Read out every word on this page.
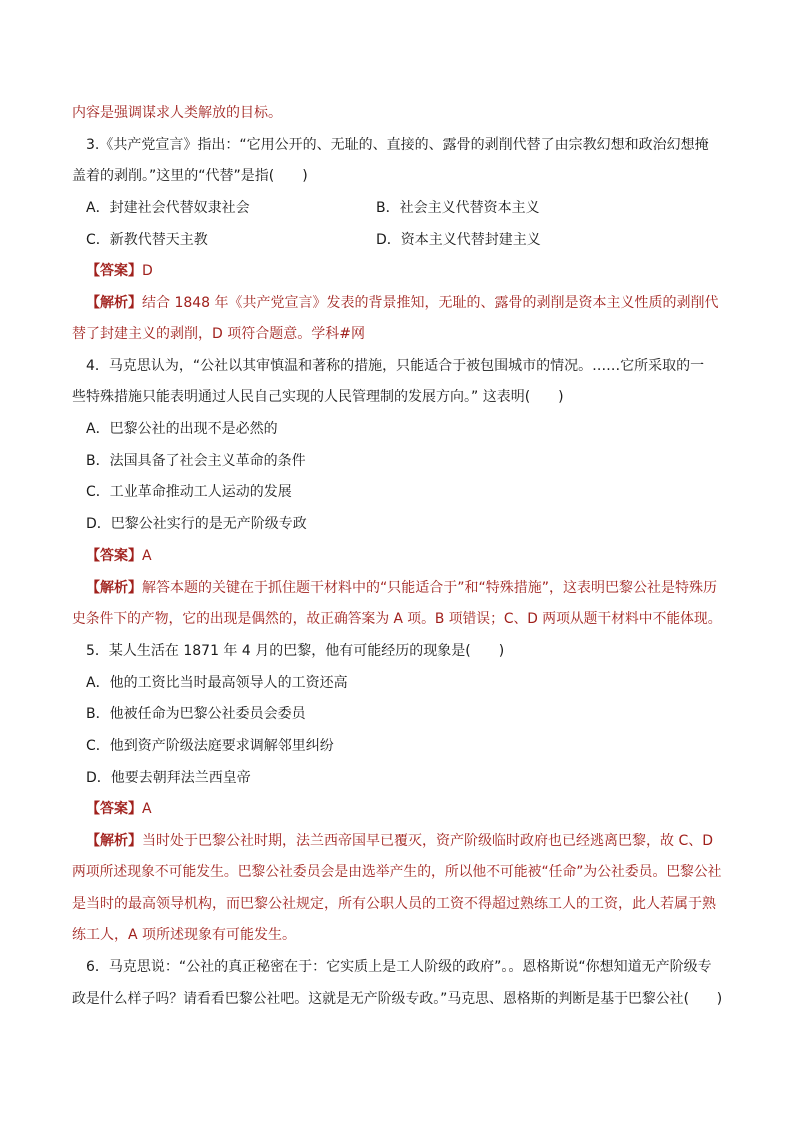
内容是强调谋求人类解放的目标。
3.《共产党宣言》指出：“它用公开的、无耻的、直接的、露骨的剥削代替了由宗教幻想和政治幻想掩
盖着的剥削。”这里的“代替”是指(　　)
A．封建社会代替奴隶社会	B．社会主义代替资本主义
C．新教代替天主教	D．资本主义代替封建主义
【答案】D
【解析】结合 1848 年《共产党宣言》发表的背景推知，无耻的、露骨的剥削是资本主义性质的剥削代
替了封建主义的剥削，D 项符合题意。学科#网
4．马克思认为，“公社以其审慎温和著称的措施，只能适合于被包围城市的情况。……它所采取的一
些特殊措施只能表明通过人民自己实现的人民管理制的发展方向。” 这表明(　　)
A．巴黎公社的出现不是必然的
B．法国具备了社会主义革命的条件
C．工业革命推动工人运动的发展
D．巴黎公社实行的是无产阶级专政
【答案】A
【解析】解答本题的关键在于抓住题干材料中的“只能适合于”和“特殊措施”，这表明巴黎公社是特殊历
史条件下的产物，它的出现是偶然的，故正确答案为 A 项。B 项错误；C、D 两项从题干材料中不能体现。
5．某人生活在 1871 年 4 月的巴黎，他有可能经历的现象是(　　)
A．他的工资比当时最高领导人的工资还高
B．他被任命为巴黎公社委员会委员
C．他到资产阶级法庭要求调解邻里纠纷
D．他要去朝拜法兰西皇帝
【答案】A
【解析】当时处于巴黎公社时期，法兰西帝国早已覆灭，资产阶级临时政府也已经逃离巴黎，故 C、D
两项所述现象不可能发生。巴黎公社委员会是由选举产生的，所以他不可能被“任命”为公社委员。巴黎公社
是当时的最高领导机构，而巴黎公社规定，所有公职人员的工资不得超过熟练工人的工资，此人若属于熟
练工人，A 项所述现象有可能发生。
6．马克思说：“公社的真正秘密在于：它实质上是工人阶级的政府”。。恩格斯说“你想知道无产阶级专
政是什么样子吗？请看看巴黎公社吧。这就是无产阶级专政。”马克思、恩格斯的判断是基于巴黎公社(　　)
